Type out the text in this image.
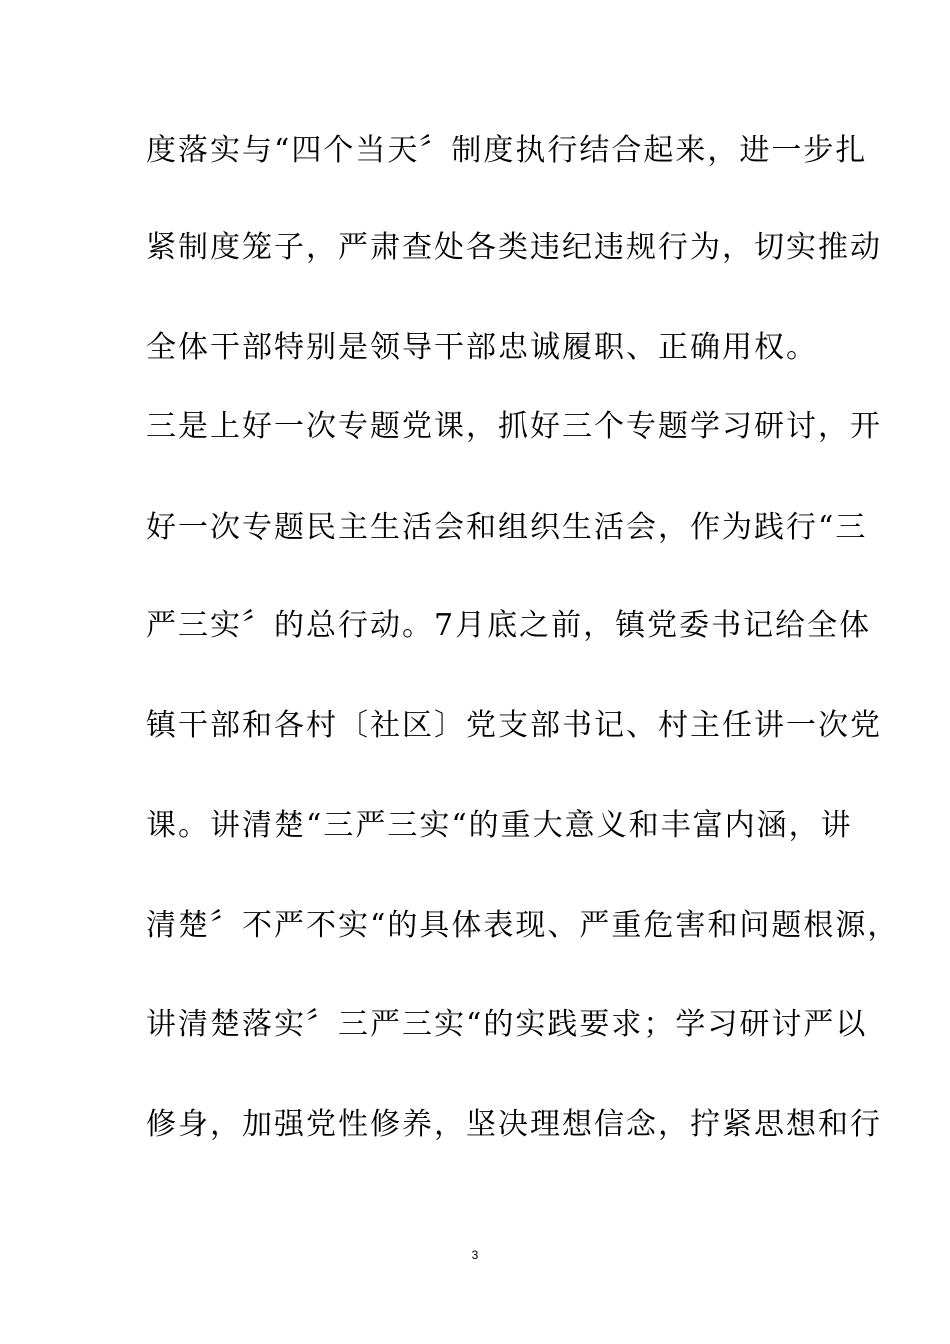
度落实与“四个当天〞制度执行结合起来，进一步扎
紧制度笼子，严肃查处各类违纪违规行为，切实推动
全体干部特别是领导干部忠诚履职、正确用权。
三是上好一次专题党课，抓好三个专题学习研讨，开
好一次专题民主生活会和组织生活会，作为践行“三
严三实〞的总行动。7月底之前，镇党委书记给全体
镇干部和各村〔社区〕党支部书记、村主任讲一次党
课。讲清楚“三严三实“的重大意义和丰富内涵，讲
清楚〞不严不实“的具体表现、严重危害和问题根源，
讲清楚落实〞三严三实“的实践要求；学习研讨严以
修身，加强党性修养，坚决理想信念，拧紧思想和行
3
